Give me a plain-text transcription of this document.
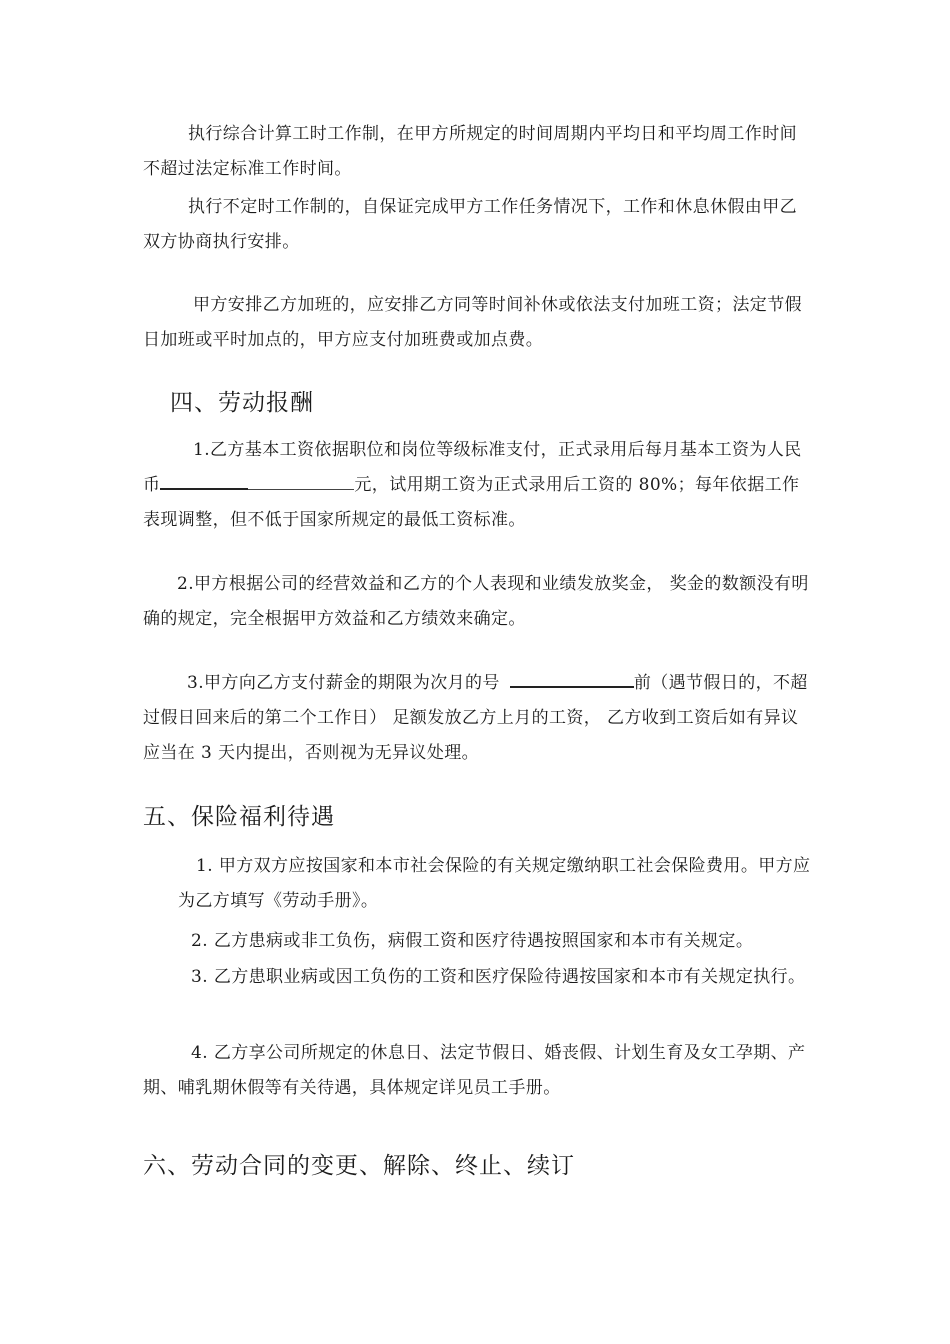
执行综合计算工时工作制，在甲方所规定的时间周期内平均日和平均周工作时间不超过法定标准工作时间。

执行不定时工作制的，自保证完成甲方工作任务情况下，工作和休息休假由甲乙双方协商执行安排。

甲方安排乙方加班的，应安排乙方同等时间补休或依法支付加班工资；法定节假日加班或平时加点的，甲方应支付加班费或加点费。

四、劳动报酬

1.乙方基本工资依据职位和岗位等级标准支付，正式录用后每月基本工资为人民币	元，试用期工资为正式录用后工资的 80%；每年依据工作表现调整，但不低于国家所规定的最低工资标准。

2.甲方根据公司的经营效益和乙方的个人表现和业绩发放奖金， 奖金的数额没有明确的规定，完全根据甲方效益和乙方绩效来确定。

3.甲方向乙方支付薪金的期限为次月的号	前（遇节假日的，不超过假日回来后的第二个工作日） 足额发放乙方上月的工资， 乙方收到工资后如有异议应当在 3 天内提出，否则视为无异议处理。

五、保险福利待遇

1. 甲方双方应按国家和本市社会保险的有关规定缴纳职工社会保险费用。甲方应为乙方填写《劳动手册》。

2. 乙方患病或非工负伤，病假工资和医疗待遇按照国家和本市有关规定。

3. 乙方患职业病或因工负伤的工资和医疗保险待遇按国家和本市有关规定执行。

4. 乙方享公司所规定的休息日、法定节假日、婚丧假、计划生育及女工孕期、产期、哺乳期休假等有关待遇，具体规定详见员工手册。

六、劳动合同的变更、解除、终止、续订
